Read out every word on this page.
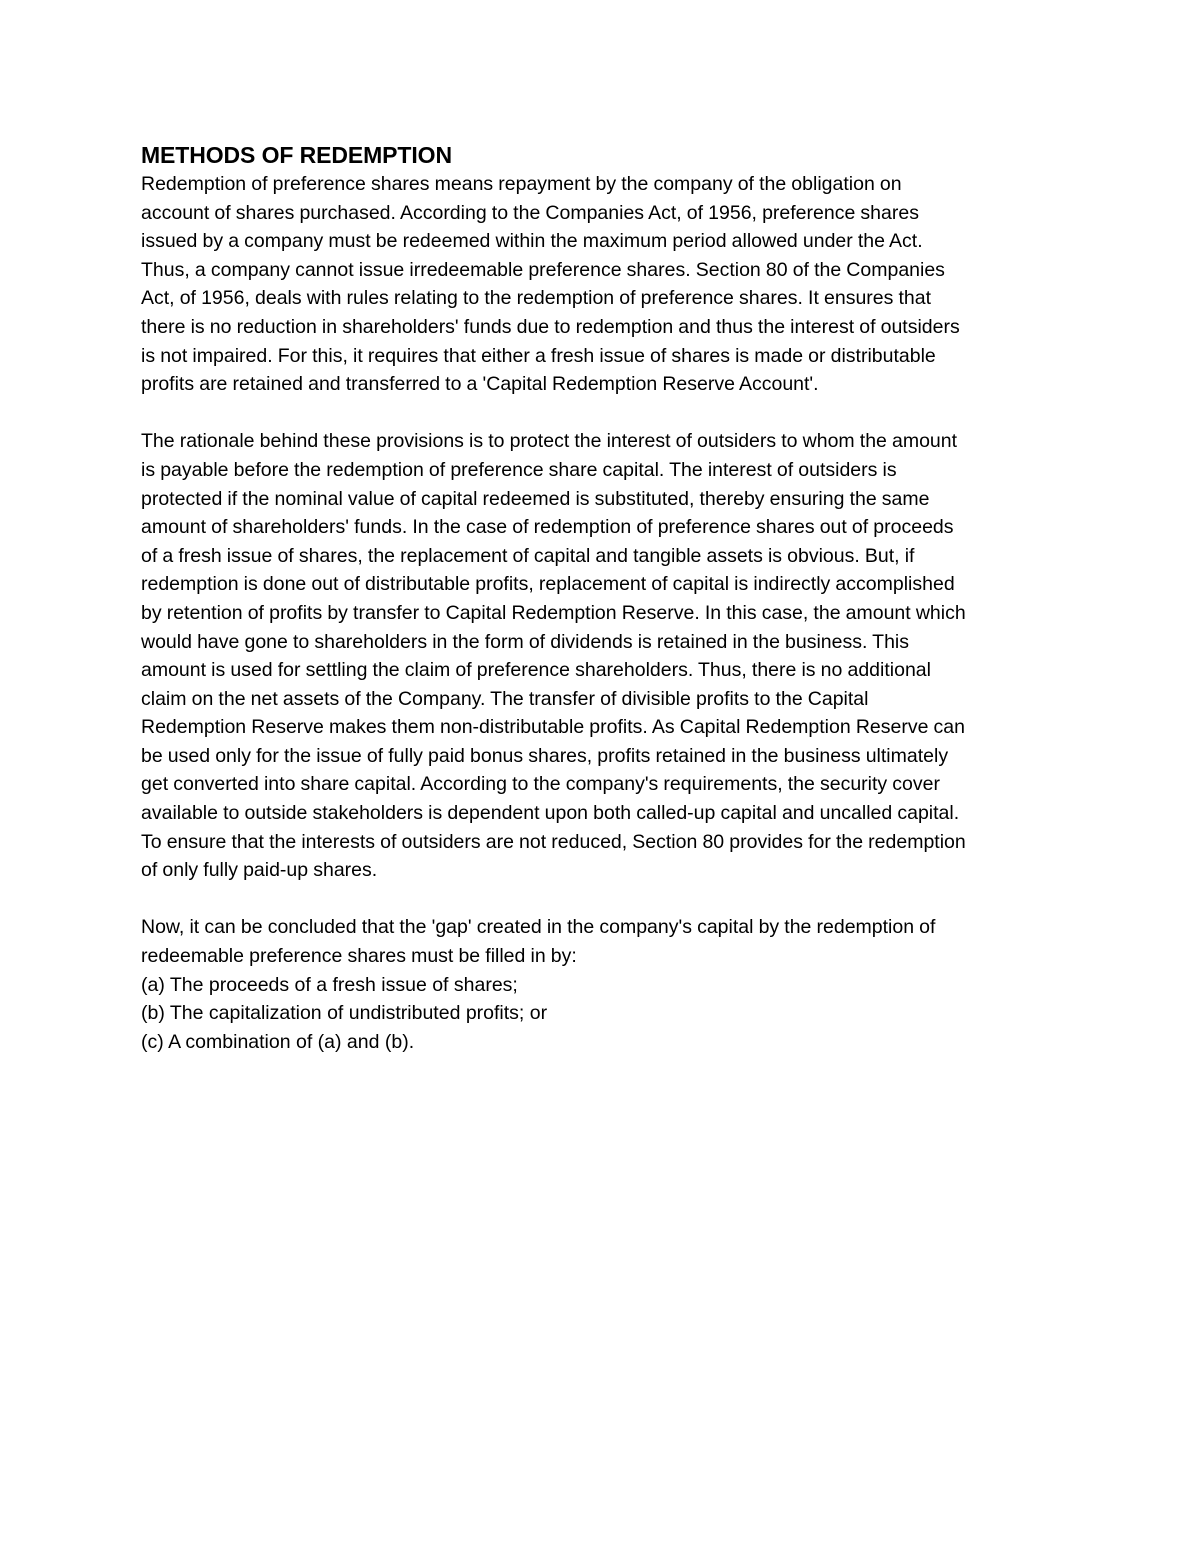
METHODS OF REDEMPTION

Redemption of preference shares means repayment by the company of the obligation on
account of shares purchased. According to the Companies Act, of 1956, preference shares
issued by a company must be redeemed within the maximum period allowed under the Act.
Thus, a company cannot issue irredeemable preference shares. Section 80 of the Companies
Act, of 1956, deals with rules relating to the redemption of preference shares. It ensures that
there is no reduction in shareholders' funds due to redemption and thus the interest of outsiders
is not impaired. For this, it requires that either a fresh issue of shares is made or distributable
profits are retained and transferred to a 'Capital Redemption Reserve Account'.

The rationale behind these provisions is to protect the interest of outsiders to whom the amount
is payable before the redemption of preference share capital. The interest of outsiders is
protected if the nominal value of capital redeemed is substituted, thereby ensuring the same
amount of shareholders' funds. In the case of redemption of preference shares out of proceeds
of a fresh issue of shares, the replacement of capital and tangible assets is obvious. But, if
redemption is done out of distributable profits, replacement of capital is indirectly accomplished
by retention of profits by transfer to Capital Redemption Reserve. In this case, the amount which
would have gone to shareholders in the form of dividends is retained in the business. This
amount is used for settling the claim of preference shareholders. Thus, there is no additional
claim on the net assets of the Company. The transfer of divisible profits to the Capital
Redemption Reserve makes them non-distributable profits. As Capital Redemption Reserve can
be used only for the issue of fully paid bonus shares, profits retained in the business ultimately
get converted into share capital. According to the company's requirements, the security cover
available to outside stakeholders is dependent upon both called-up capital and uncalled capital.
To ensure that the interests of outsiders are not reduced, Section 80 provides for the redemption
of only fully paid-up shares.

Now, it can be concluded that the 'gap' created in the company's capital by the redemption of
redeemable preference shares must be filled in by:

(a) The proceeds of a fresh issue of shares;
(b) The capitalization of undistributed profits; or
(c) A combination of (a) and (b).
